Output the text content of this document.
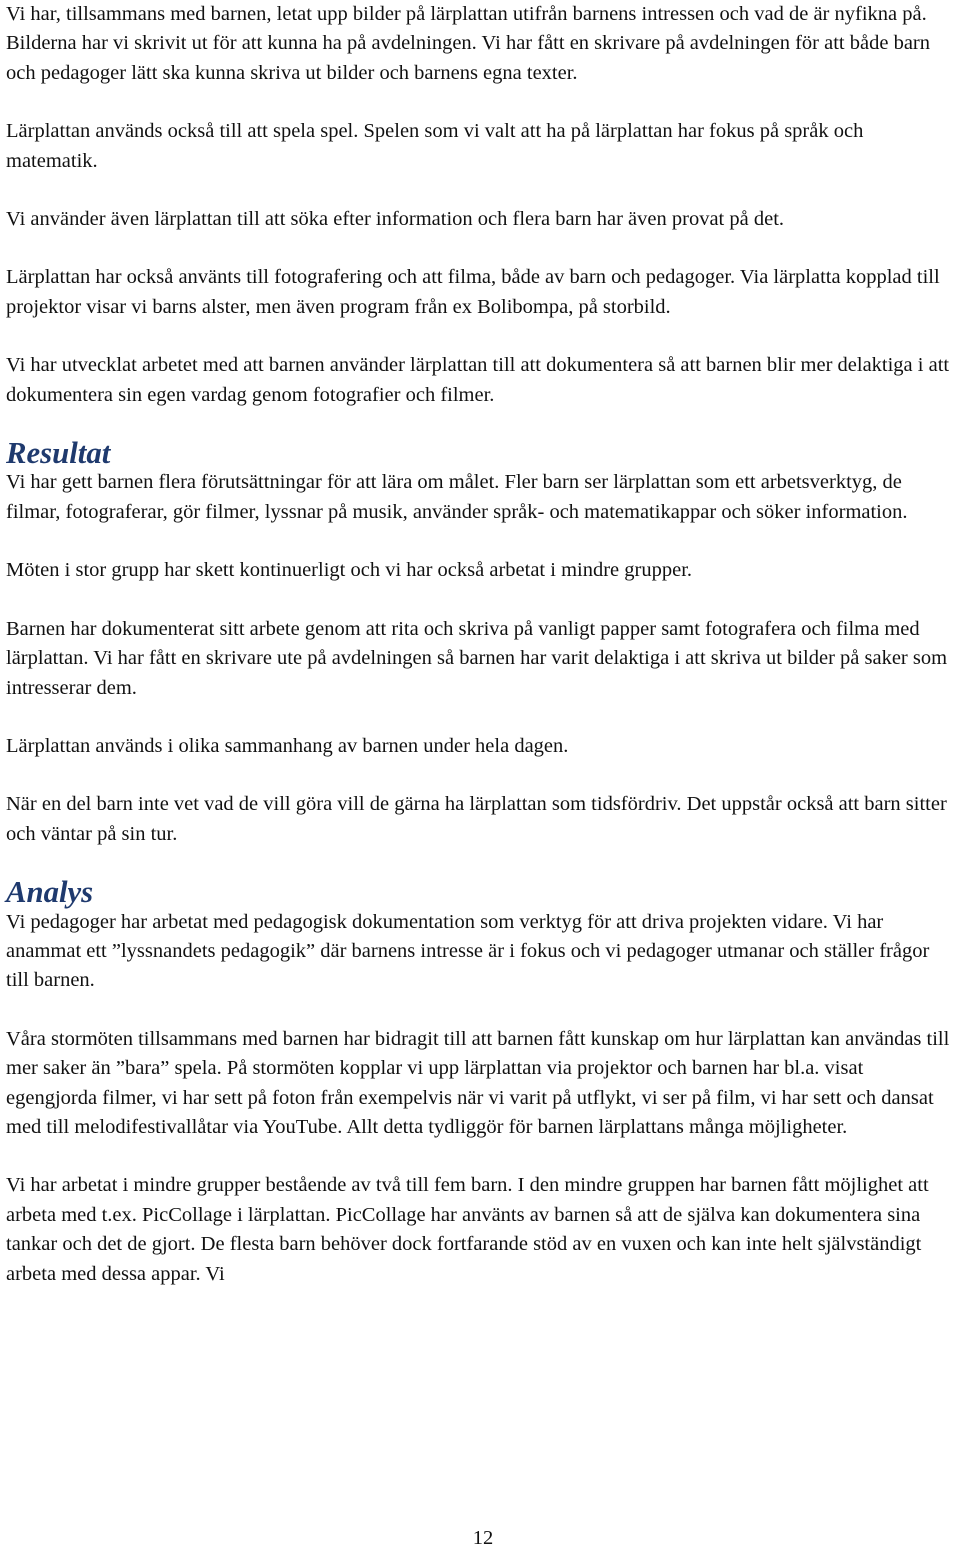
Vi har, tillsammans med barnen, letat upp bilder på lärplattan utifrån barnens intressen och vad de är nyfikna på. Bilderna har vi skrivit ut för att kunna ha på avdelningen. Vi har fått en skrivare på avdelningen för att både barn och pedagoger lätt ska kunna skriva ut bilder och barnens egna texter.

Lärplattan används också till att spela spel. Spelen som vi valt att ha på lärplattan har fokus på språk och matematik.

Vi använder även lärplattan till att söka efter information och flera barn har även provat på det.

Lärplattan har också använts till fotografering och att filma, både av barn och pedagoger. Via lärplatta kopplad till projektor visar vi barns alster, men även program från ex Bolibompa, på storbild.

Vi har utvecklat arbetet med att barnen använder lärplattan till att dokumentera så att barnen blir mer delaktiga i att dokumentera sin egen vardag genom fotografier och filmer.

Resultat

Vi har gett barnen flera förutsättningar för att lära om målet. Fler barn ser lärplattan som ett arbetsverktyg, de filmar, fotograferar, gör filmer, lyssnar på musik, använder språk- och matematikappar och söker information.

Möten i stor grupp har skett kontinuerligt och vi har också arbetat i mindre grupper.

Barnen har dokumenterat sitt arbete genom att rita och skriva på vanligt papper samt fotografera och filma med lärplattan. Vi har fått en skrivare ute på avdelningen så barnen har varit delaktiga i att skriva ut bilder på saker som intresserar dem.

Lärplattan används i olika sammanhang av barnen under hela dagen.

När en del barn inte vet vad de vill göra vill de gärna ha lärplattan som tidsfördriv. Det uppstår också att barn sitter och väntar på sin tur.

Analys

Vi pedagoger har arbetat med pedagogisk dokumentation som verktyg för att driva projekten vidare. Vi har anammat ett ”lyssnandets pedagogik” där barnens intresse är i fokus och vi pedagoger utmanar och ställer frågor till barnen.

Våra stormöten tillsammans med barnen har bidragit till att barnen fått kunskap om hur lärplattan kan användas till mer saker än ”bara” spela. På stormöten kopplar vi upp lärplattan via projektor och barnen har bl.a. visat egengjorda filmer, vi har sett på foton från exempelvis när vi varit på utflykt, vi ser på film, vi har sett och dansat med till melodifestivallåtar via YouTube. Allt detta tydliggör för barnen lärplattans många möjligheter.

Vi har arbetat i mindre grupper bestående av två till fem barn. I den mindre gruppen har barnen fått möjlighet att arbeta med t.ex. PicCollage i lärplattan. PicCollage har använts av barnen så att de själva kan dokumentera sina tankar och det de gjort. De flesta barn behöver dock fortfarande stöd av en vuxen och kan inte helt självständigt arbeta med dessa appar. Vi

12
